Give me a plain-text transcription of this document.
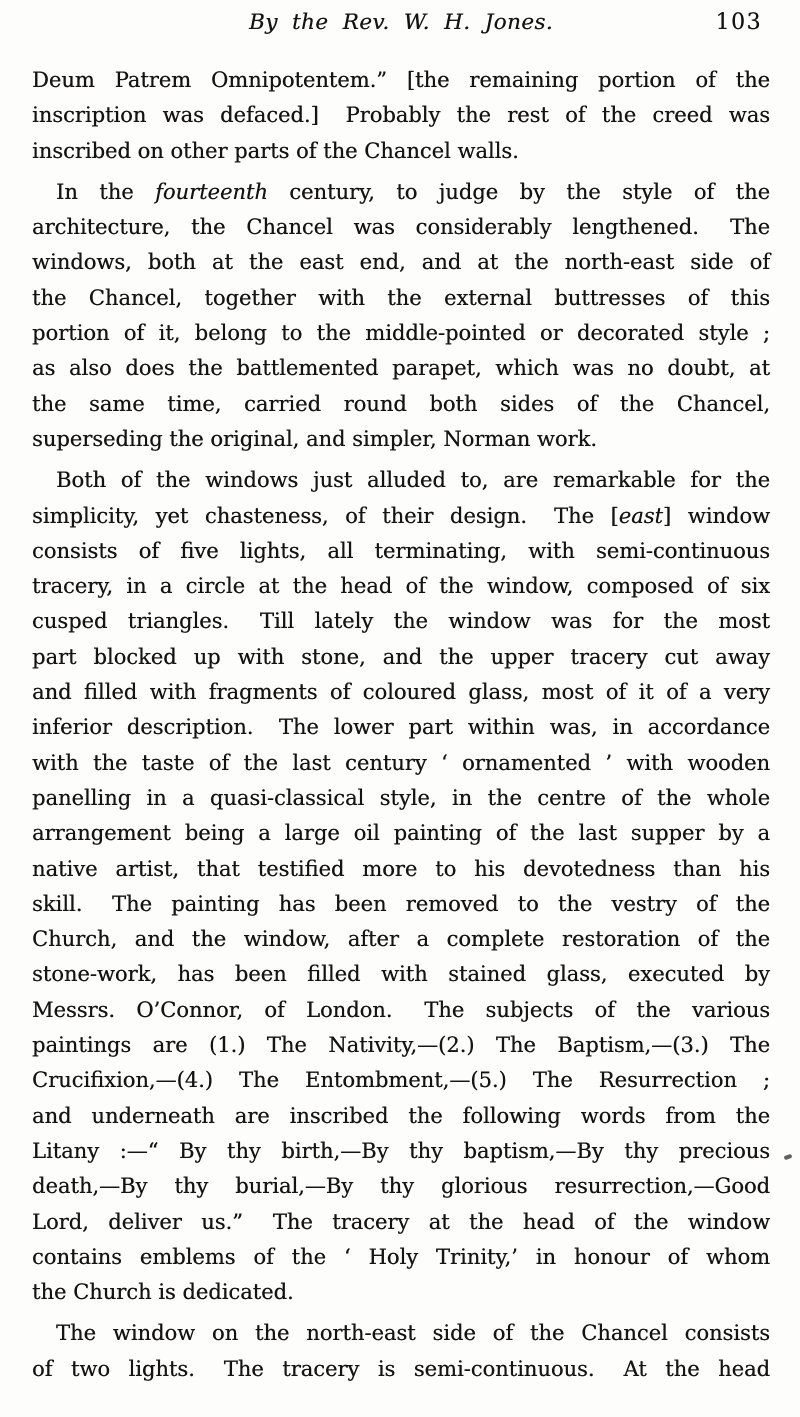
By the Rev. W. H. Jones.	103
Deum Patrem Omnipotentem.” [the remaining portion of the
inscription was defaced.]  Probably the rest of the creed was
inscribed on other parts of the Chancel walls.
In the fourteenth century, to judge by the style of the
architecture, the Chancel was considerably lengthened.  The
windows, both at the east end, and at the north-east side of
the Chancel, together with the external buttresses of this
portion of it, belong to the middle-pointed or decorated style ;
as also does the battlemented parapet, which was no doubt, at
the same time, carried round both sides of the Chancel,
superseding the original, and simpler, Norman work.
Both of the windows just alluded to, are remarkable for the
simplicity, yet chasteness, of their design.  The [east] window
consists of five lights, all terminating, with semi-continuous
tracery, in a circle at the head of the window, composed of six
cusped triangles.  Till lately the window was for the most
part blocked up with stone, and the upper tracery cut away
and filled with fragments of coloured glass, most of it of a very
inferior description.  The lower part within was, in accordance
with the taste of the last century ‘ ornamented ’ with wooden
panelling in a quasi-classical style, in the centre of the whole
arrangement being a large oil painting of the last supper by a
native artist, that testified more to his devotedness than his
skill.  The painting has been removed to the vestry of the
Church, and the window, after a complete restoration of the
stone-work, has been filled with stained glass, executed by
Messrs. O’Connor, of London.  The subjects of the various
paintings are (1.) The Nativity,—(2.) The Baptism,—(3.) The
Crucifixion,—(4.) The Entombment,—(5.) The Resurrection ;
and underneath are inscribed the following words from the
Litany :—“ By thy birth,—By thy baptism,—By thy precious
death,—By thy burial,—By thy glorious resurrection,—Good
Lord, deliver us.”  The tracery at the head of the window
contains emblems of the ‘ Holy Trinity,’ in honour of whom
the Church is dedicated.
The window on the north-east side of the Chancel consists
of two lights.  The tracery is semi-continuous.  At the head
